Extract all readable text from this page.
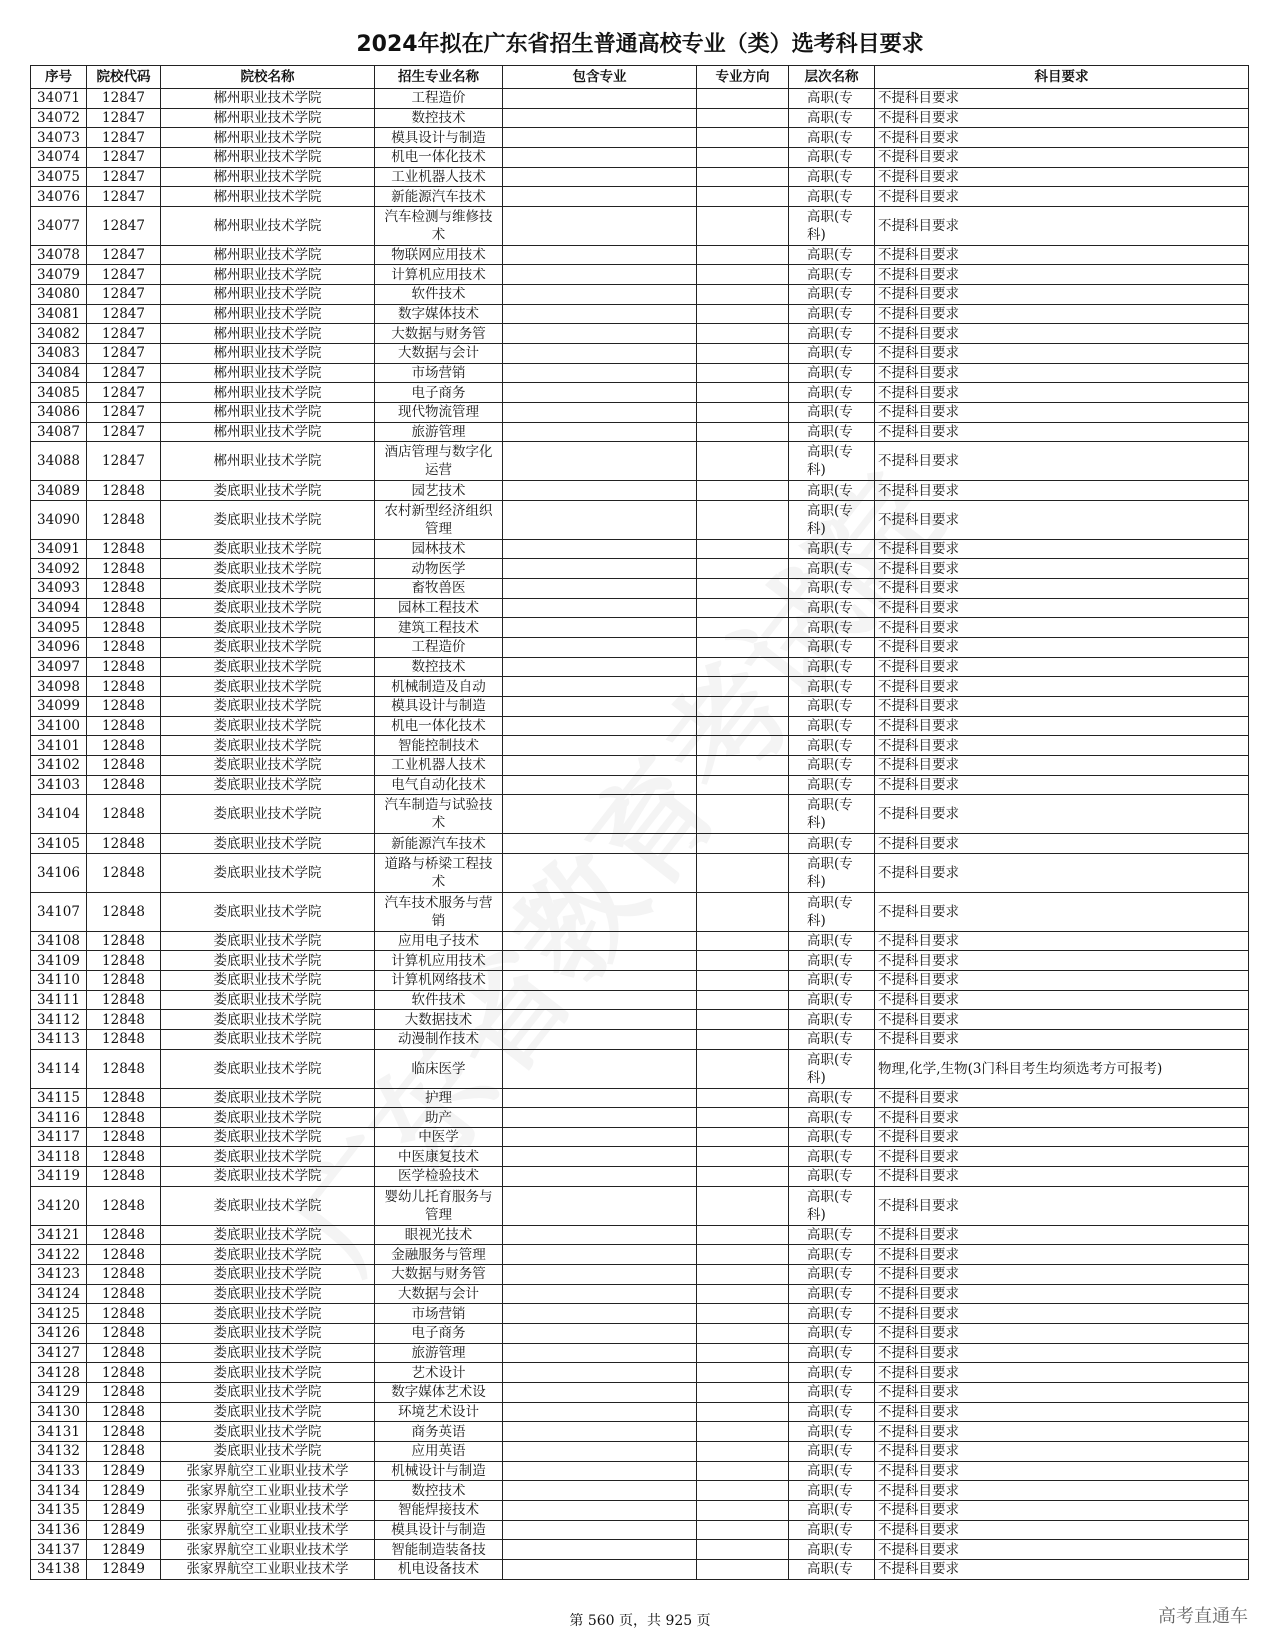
2024年拟在广东省招生普通高校专业（类）选考科目要求
序号	院校代码	院校名称	招生专业名称	包含专业	专业方向	层次名称	科目要求
34071	12847	郴州职业技术学院	工程造价			高职(专	不提科目要求
34072	12847	郴州职业技术学院	数控技术			高职(专	不提科目要求
34073	12847	郴州职业技术学院	模具设计与制造			高职(专	不提科目要求
34074	12847	郴州职业技术学院	机电一体化技术			高职(专	不提科目要求
34075	12847	郴州职业技术学院	工业机器人技术			高职(专	不提科目要求
34076	12847	郴州职业技术学院	新能源汽车技术			高职(专	不提科目要求
34077	12847	郴州职业技术学院	汽车检测与维修技术			高职(专科)	不提科目要求
34078	12847	郴州职业技术学院	物联网应用技术			高职(专	不提科目要求
34079	12847	郴州职业技术学院	计算机应用技术			高职(专	不提科目要求
34080	12847	郴州职业技术学院	软件技术			高职(专	不提科目要求
34081	12847	郴州职业技术学院	数字媒体技术			高职(专	不提科目要求
34082	12847	郴州职业技术学院	大数据与财务管			高职(专	不提科目要求
34083	12847	郴州职业技术学院	大数据与会计			高职(专	不提科目要求
34084	12847	郴州职业技术学院	市场营销			高职(专	不提科目要求
34085	12847	郴州职业技术学院	电子商务			高职(专	不提科目要求
34086	12847	郴州职业技术学院	现代物流管理			高职(专	不提科目要求
34087	12847	郴州职业技术学院	旅游管理			高职(专	不提科目要求
34088	12847	郴州职业技术学院	酒店管理与数字化运营			高职(专科)	不提科目要求
34089	12848	娄底职业技术学院	园艺技术			高职(专	不提科目要求
34090	12848	娄底职业技术学院	农村新型经济组织管理			高职(专科)	不提科目要求
34091	12848	娄底职业技术学院	园林技术			高职(专	不提科目要求
34092	12848	娄底职业技术学院	动物医学			高职(专	不提科目要求
34093	12848	娄底职业技术学院	畜牧兽医			高职(专	不提科目要求
34094	12848	娄底职业技术学院	园林工程技术			高职(专	不提科目要求
34095	12848	娄底职业技术学院	建筑工程技术			高职(专	不提科目要求
34096	12848	娄底职业技术学院	工程造价			高职(专	不提科目要求
34097	12848	娄底职业技术学院	数控技术			高职(专	不提科目要求
34098	12848	娄底职业技术学院	机械制造及自动			高职(专	不提科目要求
34099	12848	娄底职业技术学院	模具设计与制造			高职(专	不提科目要求
34100	12848	娄底职业技术学院	机电一体化技术			高职(专	不提科目要求
34101	12848	娄底职业技术学院	智能控制技术			高职(专	不提科目要求
34102	12848	娄底职业技术学院	工业机器人技术			高职(专	不提科目要求
34103	12848	娄底职业技术学院	电气自动化技术			高职(专	不提科目要求
34104	12848	娄底职业技术学院	汽车制造与试验技术			高职(专科)	不提科目要求
34105	12848	娄底职业技术学院	新能源汽车技术			高职(专	不提科目要求
34106	12848	娄底职业技术学院	道路与桥梁工程技术			高职(专科)	不提科目要求
34107	12848	娄底职业技术学院	汽车技术服务与营销			高职(专科)	不提科目要求
34108	12848	娄底职业技术学院	应用电子技术			高职(专	不提科目要求
34109	12848	娄底职业技术学院	计算机应用技术			高职(专	不提科目要求
34110	12848	娄底职业技术学院	计算机网络技术			高职(专	不提科目要求
34111	12848	娄底职业技术学院	软件技术			高职(专	不提科目要求
34112	12848	娄底职业技术学院	大数据技术			高职(专	不提科目要求
34113	12848	娄底职业技术学院	动漫制作技术			高职(专	不提科目要求
34114	12848	娄底职业技术学院	临床医学			高职(专科)	物理,化学,生物(3门科目考生均须选考方可报考)
34115	12848	娄底职业技术学院	护理			高职(专	不提科目要求
34116	12848	娄底职业技术学院	助产			高职(专	不提科目要求
34117	12848	娄底职业技术学院	中医学			高职(专	不提科目要求
34118	12848	娄底职业技术学院	中医康复技术			高职(专	不提科目要求
34119	12848	娄底职业技术学院	医学检验技术			高职(专	不提科目要求
34120	12848	娄底职业技术学院	婴幼儿托育服务与管理			高职(专科)	不提科目要求
34121	12848	娄底职业技术学院	眼视光技术			高职(专	不提科目要求
34122	12848	娄底职业技术学院	金融服务与管理			高职(专	不提科目要求
34123	12848	娄底职业技术学院	大数据与财务管			高职(专	不提科目要求
34124	12848	娄底职业技术学院	大数据与会计			高职(专	不提科目要求
34125	12848	娄底职业技术学院	市场营销			高职(专	不提科目要求
34126	12848	娄底职业技术学院	电子商务			高职(专	不提科目要求
34127	12848	娄底职业技术学院	旅游管理			高职(专	不提科目要求
34128	12848	娄底职业技术学院	艺术设计			高职(专	不提科目要求
34129	12848	娄底职业技术学院	数字媒体艺术设			高职(专	不提科目要求
34130	12848	娄底职业技术学院	环境艺术设计			高职(专	不提科目要求
34131	12848	娄底职业技术学院	商务英语			高职(专	不提科目要求
34132	12848	娄底职业技术学院	应用英语			高职(专	不提科目要求
34133	12849	张家界航空工业职业技术学	机械设计与制造			高职(专	不提科目要求
34134	12849	张家界航空工业职业技术学	数控技术			高职(专	不提科目要求
34135	12849	张家界航空工业职业技术学	智能焊接技术			高职(专	不提科目要求
34136	12849	张家界航空工业职业技术学	模具设计与制造			高职(专	不提科目要求
34137	12849	张家界航空工业职业技术学	智能制造装备技			高职(专	不提科目要求
34138	12849	张家界航空工业职业技术学	机电设备技术			高职(专	不提科目要求
第 560 页，共 925 页	高考直通车
